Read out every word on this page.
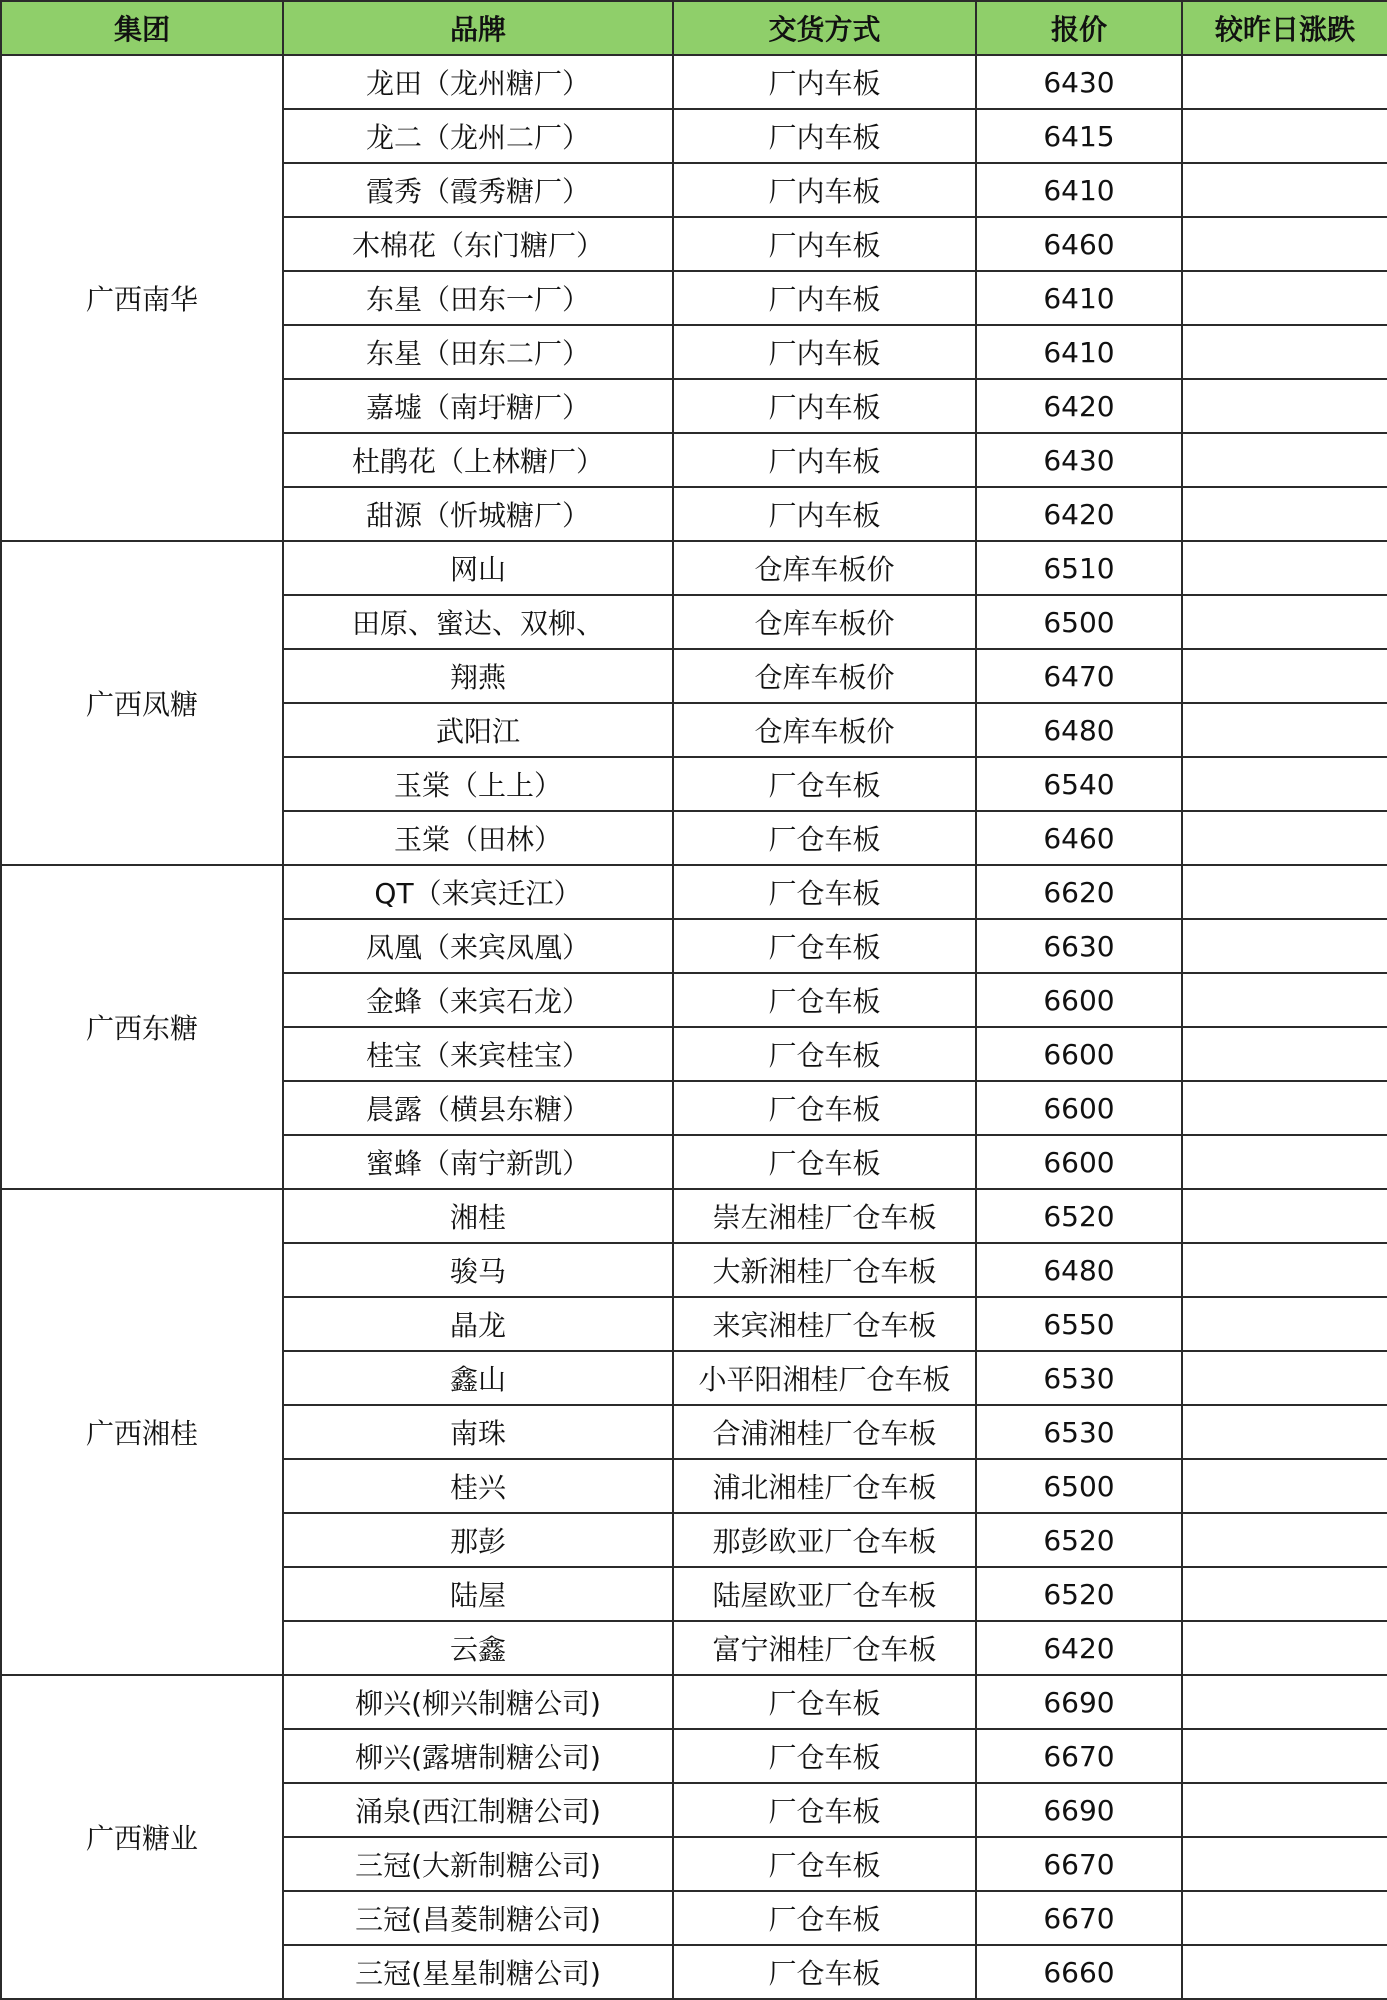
集团	品牌	交货方式	报价	较昨日涨跌
广西南华	龙田（龙州糖厂）	厂内车板	6430	
	龙二（龙州二厂）	厂内车板	6415	
	霞秀（霞秀糖厂）	厂内车板	6410	
	木棉花（东门糖厂）	厂内车板	6460	
	东星（田东一厂）	厂内车板	6410	
	东星（田东二厂）	厂内车板	6410	
	嘉墟（南圩糖厂）	厂内车板	6420	
	杜鹃花（上林糖厂）	厂内车板	6430	
	甜源（忻城糖厂）	厂内车板	6420	
广西凤糖	网山	仓库车板价	6510	
	田原、蜜达、双柳、	仓库车板价	6500	
	翔燕	仓库车板价	6470	
	武阳江	仓库车板价	6480	
	玉棠（上上）	厂仓车板	6540	
	玉棠（田林）	厂仓车板	6460	
广西东糖	QT（来宾迁江）	厂仓车板	6620	
	凤凰（来宾凤凰）	厂仓车板	6630	
	金蜂（来宾石龙）	厂仓车板	6600	
	桂宝（来宾桂宝）	厂仓车板	6600	
	晨露（横县东糖）	厂仓车板	6600	
	蜜蜂（南宁新凯）	厂仓车板	6600	
广西湘桂	湘桂	崇左湘桂厂仓车板	6520	
	骏马	大新湘桂厂仓车板	6480	
	晶龙	来宾湘桂厂仓车板	6550	
	鑫山	小平阳湘桂厂仓车板	6530	
	南珠	合浦湘桂厂仓车板	6530	
	桂兴	浦北湘桂厂仓车板	6500	
	那彭	那彭欧亚厂仓车板	6520	
	陆屋	陆屋欧亚厂仓车板	6520	
	云鑫	富宁湘桂厂仓车板	6420	
广西糖业	柳兴(柳兴制糖公司)	厂仓车板	6690	
	柳兴(露塘制糖公司)	厂仓车板	6670	
	涌泉(西江制糖公司)	厂仓车板	6690	
	三冠(大新制糖公司)	厂仓车板	6670	
	三冠(昌菱制糖公司)	厂仓车板	6670	
	三冠(星星制糖公司)	厂仓车板	6660	
